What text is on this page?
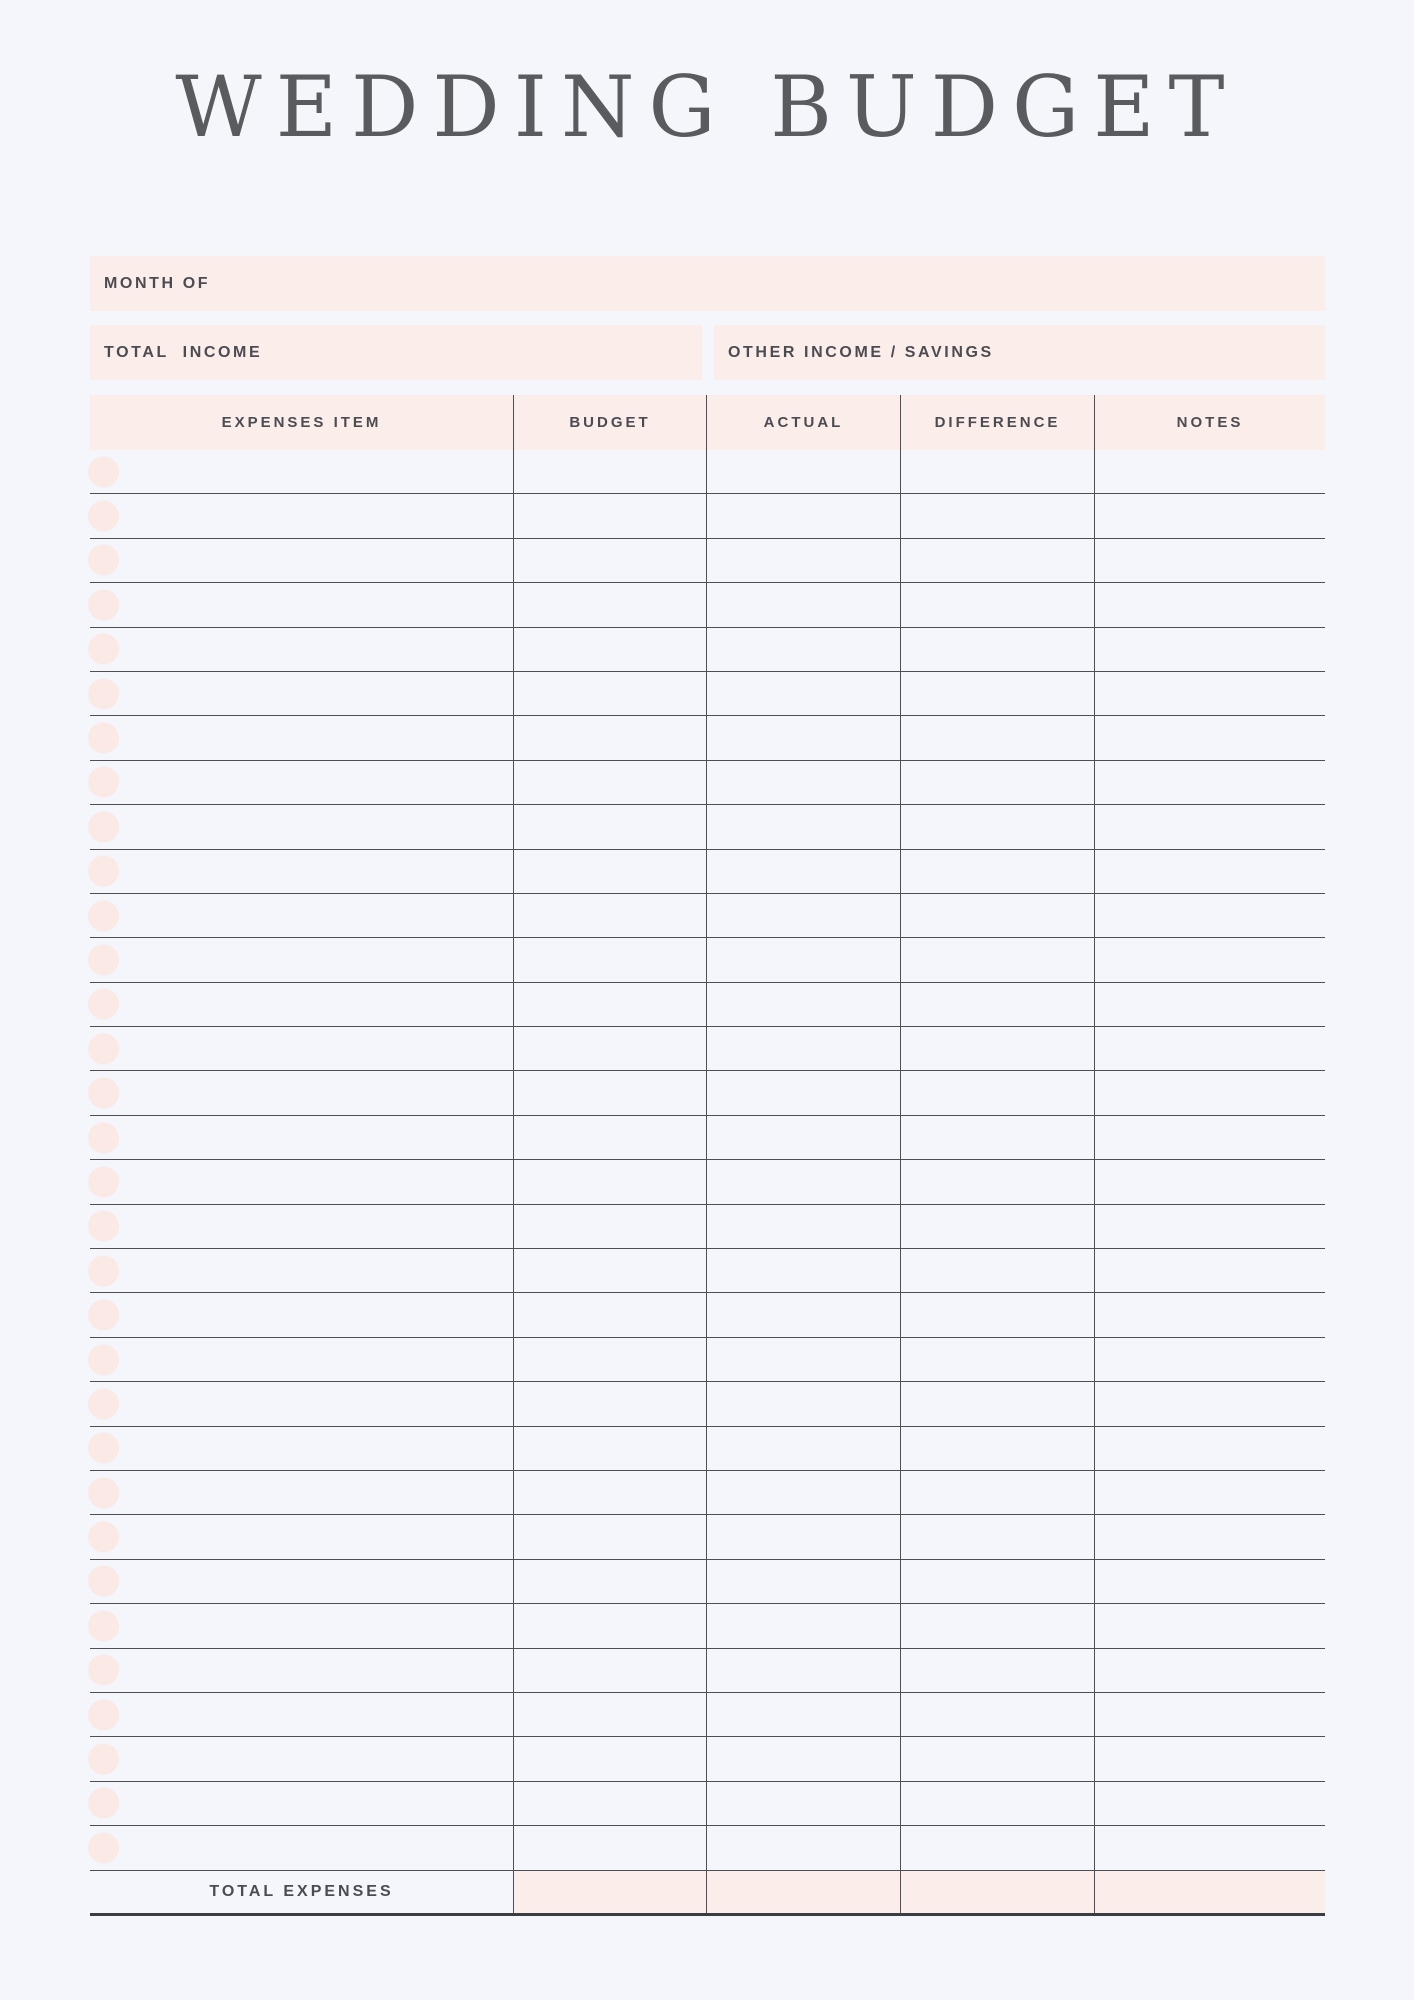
WEDDING BUDGET
MONTH OF
TOTAL  INCOME	OTHER INCOME / SAVINGS
EXPENSES ITEM	BUDGET	ACTUAL	DIFFERENCE	NOTES
TOTAL EXPENSES
